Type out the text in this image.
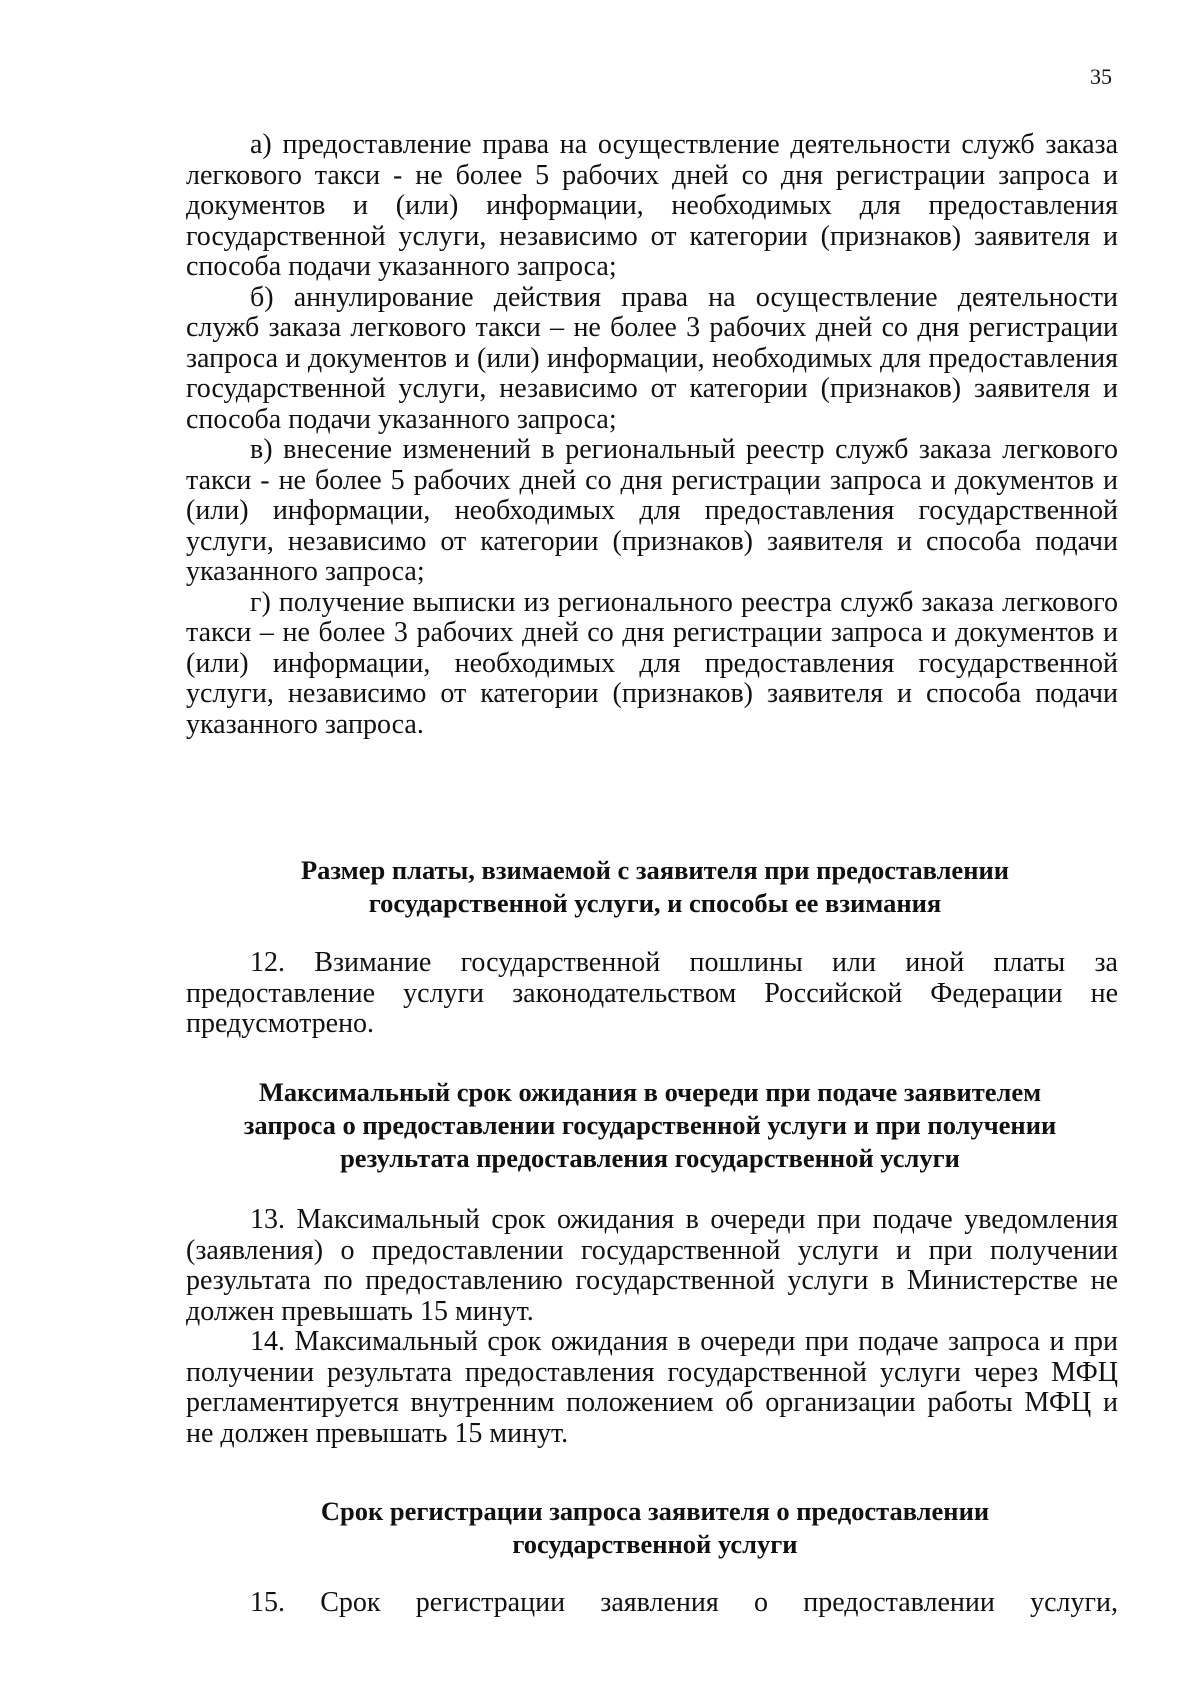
35

а) предоставление права на осуществление деятельности служб заказа легкового такси - не более 5 рабочих дней со дня регистрации запроса и документов и (или) информации, необходимых для предоставления государственной услуги, независимо от категории (признаков) заявителя и способа подачи указанного запроса;

б) аннулирование действия права на осуществление деятельности служб заказа легкового такси – не более 3 рабочих дней со дня регистрации запроса и документов и (или) информации, необходимых для предоставления государственной услуги, независимо от категории (признаков) заявителя и способа подачи указанного запроса;

в) внесение изменений в региональный реестр служб заказа легкового такси - не более 5 рабочих дней со дня регистрации запроса и документов и (или) информации, необходимых для предоставления государственной услуги, независимо от категории (признаков) заявителя и способа подачи указанного запроса;

г) получение выписки из регионального реестра служб заказа легкового такси – не более 3 рабочих дней со дня регистрации запроса и документов и (или) информации, необходимых для предоставления государственной услуги, независимо от категории (признаков) заявителя и способа подачи указанного запроса.

Размер платы, взимаемой с заявителя при предоставлении
государственной услуги, и способы ее взимания

12. Взимание государственной пошлины или иной платы за предоставление услуги законодательством Российской Федерации не предусмотрено.

Максимальный срок ожидания в очереди при подаче заявителем
запроса о предоставлении государственной услуги и при получении
результата предоставления государственной услуги

13. Максимальный срок ожидания в очереди при подаче уведомления (заявления) о предоставлении государственной услуги и при получении результата по предоставлению государственной услуги в Министерстве не должен превышать 15 минут.

14. Максимальный срок ожидания в очереди при подаче запроса и при получении результата предоставления государственной услуги через МФЦ регламентируется внутренним положением об организации работы МФЦ и не должен превышать 15 минут.

Срок регистрации запроса заявителя о предоставлении
государственной услуги

15. Срок регистрации заявления о предоставлении услуги,
